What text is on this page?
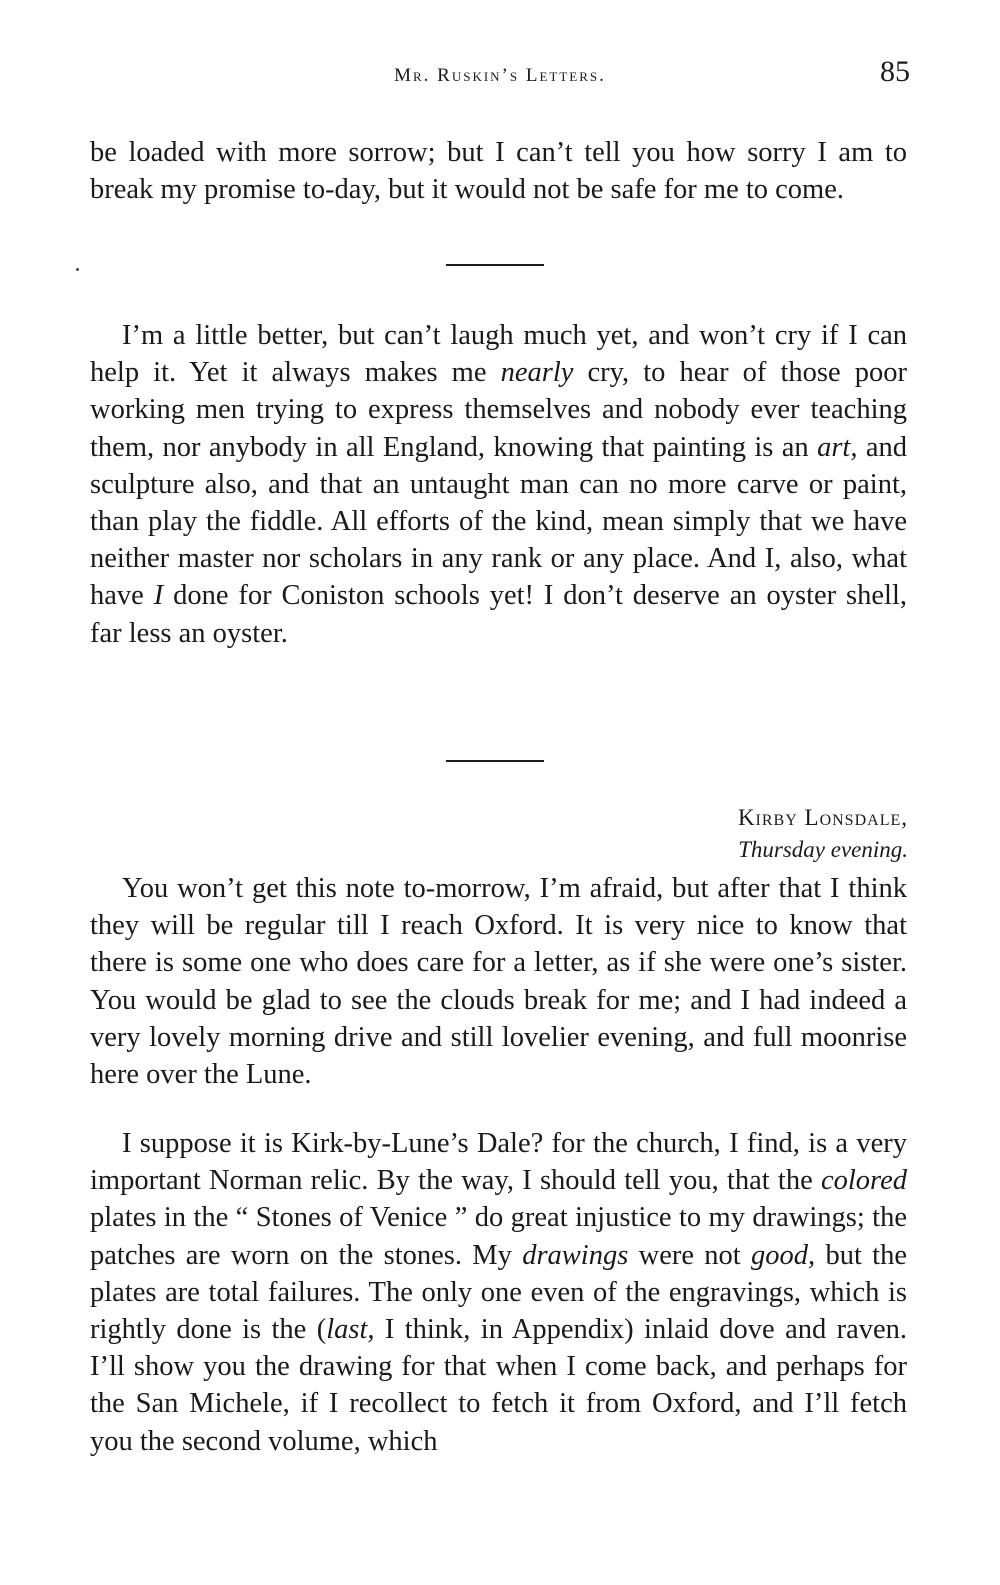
Mr. Ruskin’s Letters.	85
be loaded with more sorrow; but I can’t tell you how sorry I am to break my promise to-day, but it would not be safe for me to come.
I’m a little better, but can’t laugh much yet, and won’t cry if I can help it. Yet it always makes me nearly cry, to hear of those poor working men trying to express themselves and nobody ever teaching them, nor anybody in all England, knowing that painting is an art, and sculpture also, and that an untaught man can no more carve or paint, than play the fiddle. All efforts of the kind, mean simply that we have neither master nor scholars in any rank or any place. And I, also, what have I done for Coniston schools yet! I don’t deserve an oyster shell, far less an oyster.
Kirby Lonsdale,
Thursday evening.
You won’t get this note to-morrow, I’m afraid, but after that I think they will be regular till I reach Oxford. It is very nice to know that there is some one who does care for a letter, as if she were one’s sister. You would be glad to see the clouds break for me; and I had indeed a very lovely morning drive and still lovelier evening, and full moonrise here over the Lune.
I suppose it is Kirk-by-Lune’s Dale? for the church, I find, is a very important Norman relic. By the way, I should tell you, that the colored plates in the “ Stones of Venice ” do great injustice to my drawings; the patches are worn on the stones. My drawings were not good, but the plates are total failures. The only one even of the engravings, which is rightly done is the (last, I think, in Appendix) inlaid dove and raven. I’ll show you the drawing for that when I come back, and perhaps for the San Michele, if I recollect to fetch it from Oxford, and I’ll fetch you the second volume, which
